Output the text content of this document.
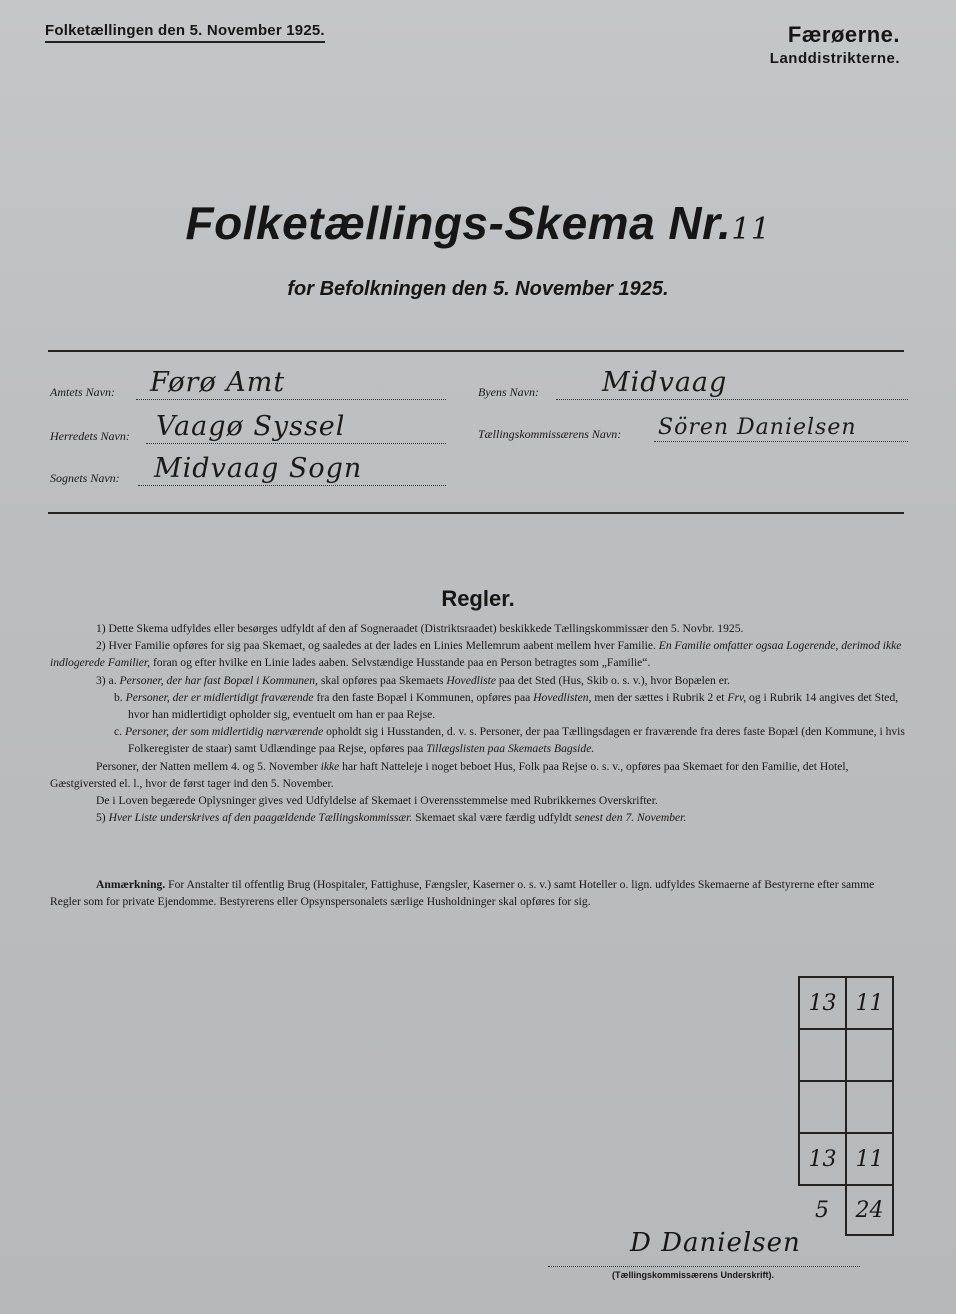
Folketællingen den 5. November 1925.	Færøerne.
Landdistrikterne.
Folketællings-Skema Nr.11
for Befolkningen den 5. November 1925.
Amtets Navn: Førø Amt
Herredets Navn: Vaagø Syssel
Sognets Navn: Midvaag Sogn
Byens Navn: Midvaag
Tællingskommissærens Navn: Sören Danielsen
Regler.

1) Dette Skema udfyldes eller besørges udfyldt af den af Sogneraadet (Distriktsraadet) beskikkede Tællingskommissær den 5. Novbr. 1925.

2) Hver Familie opføres for sig paa Skemaet, og saaledes at der lades en Linies Mellemrum aabent mellem hver Familie. En Familie omfatter ogsaa Logerende, derimod ikke indlogerede Familier, foran og efter hvilke en Linie lades aaben. Selvstændige Husstande paa en Person betragtes som „Familie“.

3) a. Personer, der har fast Bopæl i Kommunen, skal opføres paa Skemaets Hovedliste paa det Sted (Hus, Skib o. s. v.), hvor Bopælen er.

b. Personer, der er midlertidigt fraværende fra den faste Bopæl i Kommunen, opføres paa Hovedlisten, men der sættes i Rubrik 2 et Frv, og i Rubrik 14 angives det Sted, hvor han midlertidigt opholder sig, eventuelt om han er paa Rejse.

c. Personer, der som midlertidig nærværende opholdt sig i Husstanden, d. v. s. Personer, der paa Tællingsdagen er fraværende fra deres faste Bopæl (den Kommune, i hvis Folkeregister de staar) samt Udlændinge paa Rejse, opføres paa Tillægslisten paa Skemaets Bagside.

Personer, der Natten mellem 4. og 5. November ikke har haft Natteleje i noget beboet Hus, Folk paa Rejse o. s. v., opføres paa Skemaet for den Familie, det Hotel, Gæstgiversted el. l., hvor de først tager ind den 5. November.

De i Loven begærede Oplysninger gives ved Udfyldelse af Skemaet i Overensstemmelse med Rubrikkernes Overskrifter.

5) Hver Liste underskrives af den paagældende Tællingskommissær. Skemaet skal være færdig udfyldt senest den 7. November.

Anmærkning. For Anstalter til offentlig Brug (Hospitaler, Fattighuse, Fængsler, Kaserner o. s. v.) samt Hoteller o. lign. udfyldes Skemaerne af Bestyrerne efter samme Regler som for private Ejendomme. Bestyrerens eller Opsynspersonalets særlige Husholdninger skal opføres for sig.

13	11

13	11
5	24
D Danielsen
(Tællingskommissærens Underskrift).
